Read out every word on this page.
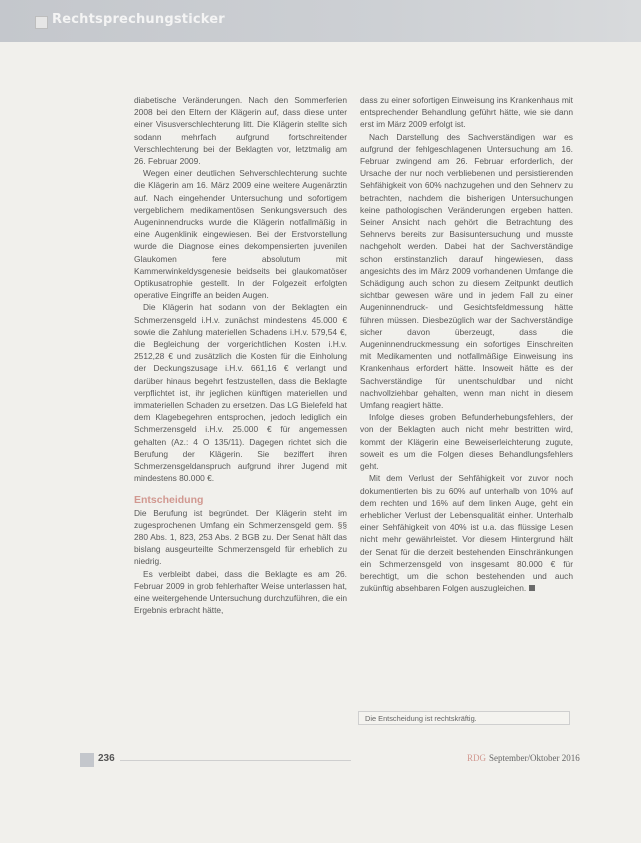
Rechtsprechungsticker

diabetische Veränderungen. Nach den Sommerferien 2008 bei den Eltern der Klägerin auf, dass diese unter einer Visusverschlechterung litt. Die Klägerin stellte sich sodann mehrfach aufgrund fortschreitender Verschlechterung bei der Beklagten vor, letztmalig am 26. Februar 2009.

Wegen einer deutlichen Sehverschlechterung suchte die Klägerin am 16. März 2009 eine weitere Augenärztin auf. Nach eingehender Untersuchung und sofortigem vergeblichem medikamentösen Senkungsversuch des Augeninnendrucks wurde die Klägerin notfallmäßig in eine Augenklinik eingewiesen. Bei der Erstvorstellung wurde die Diagnose eines dekompensierten juvenilen Glaukomen fere absolutum mit Kammerwinkeldysgenesie beidseits bei glaukomatöser Optikusatrophie gestellt. In der Folgezeit erfolgten operative Eingriffe an beiden Augen.

Die Klägerin hat sodann von der Beklagten ein Schmerzensgeld i.H.v. zunächst mindestens 45.000 € sowie die Zahlung materiellen Schadens i.H.v. 579,54 €, die Begleichung der vorgerichtlichen Kosten i.H.v. 2512,28 € und zusätzlich die Kosten für die Einholung der Deckungszusage i.H.v. 661,16 € verlangt und darüber hinaus begehrt festzustellen, dass die Beklagte verpflichtet ist, ihr jeglichen künftigen materiellen und immateriellen Schaden zu ersetzen. Das LG Bielefeld hat dem Klagebegehren entsprochen, jedoch lediglich ein Schmerzensgeld i.H.v. 25.000 € für angemessen gehalten (Az.: 4 O 135/11). Dagegen richtet sich die Berufung der Klägerin. Sie beziffert ihren Schmerzensgeldanspruch aufgrund ihrer Jugend mit mindestens 80.000 €.

Entscheidung

Die Berufung ist begründet. Der Klägerin steht im zugesprochenen Umfang ein Schmerzensgeld gem. §§ 280 Abs. 1, 823, 253 Abs. 2 BGB zu. Der Senat hält das bislang ausgeurteilte Schmerzensgeld für erheblich zu niedrig.

Es verbleibt dabei, dass die Beklagte es am 26. Februar 2009 in grob fehlerhafter Weise unterlassen hat, eine weitergehende Untersuchung durchzuführen, die ein Ergebnis erbracht hätte,

dass zu einer sofortigen Einweisung ins Krankenhaus mit entsprechender Behandlung geführt hätte, wie sie dann erst im März 2009 erfolgt ist.

Nach Darstellung des Sachverständigen war es aufgrund der fehlgeschlagenen Untersuchung am 16. Februar zwingend am 26. Februar erforderlich, der Ursache der nur noch verbliebenen und persistierenden Sehfähigkeit von 60% nachzugehen und den Sehnerv zu betrachten, nachdem die bisherigen Untersuchungen keine pathologischen Veränderungen ergeben hatten. Seiner Ansicht nach gehört die Betrachtung des Sehnervs bereits zur Basisuntersuchung und musste nachgeholt werden. Dabei hat der Sachverständige schon erstinstanzlich darauf hingewiesen, dass angesichts des im März 2009 vorhandenen Umfange die Schädigung auch schon zu diesem Zeitpunkt deutlich sichtbar gewesen wäre und in jedem Fall zu einer Augeninnendruck- und Gesichtsfeldmessung hätte führen müssen. Diesbezüglich war der Sachverständige sicher davon überzeugt, dass die Augeninnendruckmessung ein sofortiges Einschreiten mit Medikamenten und notfallmäßige Einweisung ins Krankenhaus erfordert hätte. Insoweit hätte es der Sachverständige für unentschuldbar und nicht nachvollziehbar gehalten, wenn man nicht in diesem Umfang reagiert hätte.

Infolge dieses groben Befunderhebungsfehlers, der von der Beklagten auch nicht mehr bestritten wird, kommt der Klägerin eine Beweiserleichterung zugute, soweit es um die Folgen dieses Behandlungsfehlers geht.

Mit dem Verlust der Sehfähigkeit vor zuvor noch dokumentierten bis zu 60% auf unterhalb von 10% auf dem rechten und 16% auf dem linken Auge, geht ein erheblicher Verlust der Lebensqualität einher. Unterhalb einer Sehfähigkeit von 40% ist u.a. das flüssige Lesen nicht mehr gewährleistet. Vor diesem Hintergrund hält der Senat für die derzeit bestehenden Einschränkungen ein Schmerzensgeld von insgesamt 80.000 € für berechtigt, um die schon bestehenden und auch zukünftig absehbaren Folgen auszugleichen.

Die Entscheidung ist rechtskräftig.
236	RDG September/Oktober 2016
